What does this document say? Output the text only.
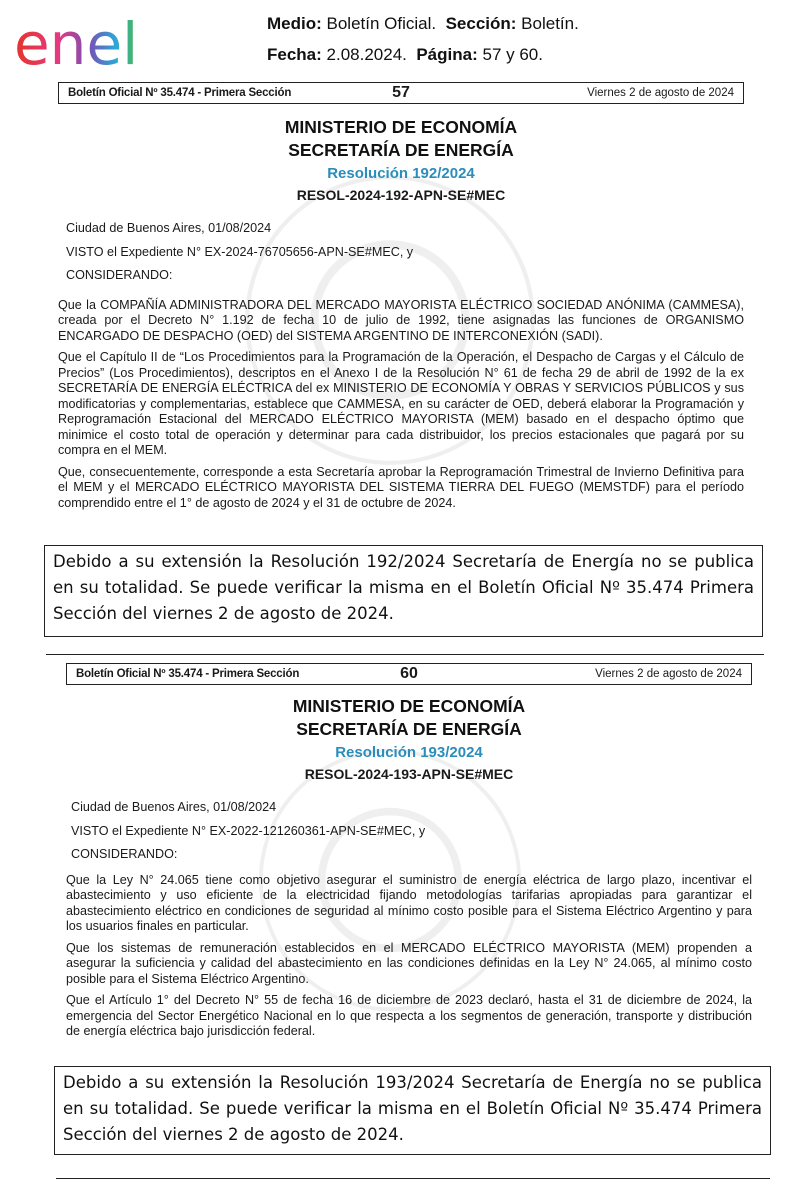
enel	Medio: Boletín Oficial. Sección: Boletín.
Fecha: 2.08.2024. Página: 57 y 60.
Boletín Oficial Nº 35.474 - Primera Sección	57	Viernes 2 de agosto de 2024
MINISTERIO DE ECONOMÍA
SECRETARÍA DE ENERGÍA
Resolución 192/2024
RESOL-2024-192-APN-SE#MEC
Ciudad de Buenos Aires, 01/08/2024
VISTO el Expediente N° EX-2024-76705656-APN-SE#MEC, y
CONSIDERANDO:
Que la COMPAÑÍA ADMINISTRADORA DEL MERCADO MAYORISTA ELÉCTRICO SOCIEDAD ANÓNIMA (CAMMESA), creada por el Decreto N° 1.192 de fecha 10 de julio de 1992, tiene asignadas las funciones de ORGANISMO ENCARGADO DE DESPACHO (OED) del SISTEMA ARGENTINO DE INTERCONEXIÓN (SADI).
Que el Capítulo II de “Los Procedimientos para la Programación de la Operación, el Despacho de Cargas y el Cálculo de Precios” (Los Procedimientos), descriptos en el Anexo I de la Resolución N° 61 de fecha 29 de abril de 1992 de la ex SECRETARÍA DE ENERGÍA ELÉCTRICA del ex MINISTERIO DE ECONOMÍA Y OBRAS Y SERVICIOS PÚBLICOS y sus modificatorias y complementarias, establece que CAMMESA, en su carácter de OED, deberá elaborar la Programación y Reprogramación Estacional del MERCADO ELÉCTRICO MAYORISTA (MEM) basado en el despacho óptimo que minimice el costo total de operación y determinar para cada distribuidor, los precios estacionales que pagará por su compra en el MEM.
Que, consecuentemente, corresponde a esta Secretaría aprobar la Reprogramación Trimestral de Invierno Definitiva para el MEM y el MERCADO ELÉCTRICO MAYORISTA DEL SISTEMA TIERRA DEL FUEGO (MEMSTDF) para el período comprendido entre el 1° de agosto de 2024 y el 31 de octubre de 2024.
Debido a su extensión la Resolución 192/2024 Secretaría de Energía no se publica en su totalidad. Se puede verificar la misma en el Boletín Oficial Nº 35.474 Primera Sección del viernes 2 de agosto de 2024.
Boletín Oficial Nº 35.474 - Primera Sección	60	Viernes 2 de agosto de 2024
MINISTERIO DE ECONOMÍA
SECRETARÍA DE ENERGÍA
Resolución 193/2024
RESOL-2024-193-APN-SE#MEC
Ciudad de Buenos Aires, 01/08/2024
VISTO el Expediente N° EX-2022-121260361-APN-SE#MEC, y
CONSIDERANDO:
Que la Ley N° 24.065 tiene como objetivo asegurar el suministro de energía eléctrica de largo plazo, incentivar el abastecimiento y uso eficiente de la electricidad fijando metodologías tarifarias apropiadas para garantizar el abastecimiento eléctrico en condiciones de seguridad al mínimo costo posible para el Sistema Eléctrico Argentino y para los usuarios finales en particular.
Que los sistemas de remuneración establecidos en el MERCADO ELÉCTRICO MAYORISTA (MEM) propenden a asegurar la suficiencia y calidad del abastecimiento en las condiciones definidas en la Ley N° 24.065, al mínimo costo posible para el Sistema Eléctrico Argentino.
Que el Artículo 1° del Decreto N° 55 de fecha 16 de diciembre de 2023 declaró, hasta el 31 de diciembre de 2024, la emergencia del Sector Energético Nacional en lo que respecta a los segmentos de generación, transporte y distribución de energía eléctrica bajo jurisdicción federal.
Debido a su extensión la Resolución 193/2024 Secretaría de Energía no se publica en su totalidad. Se puede verificar la misma en el Boletín Oficial Nº 35.474 Primera Sección del viernes 2 de agosto de 2024.
